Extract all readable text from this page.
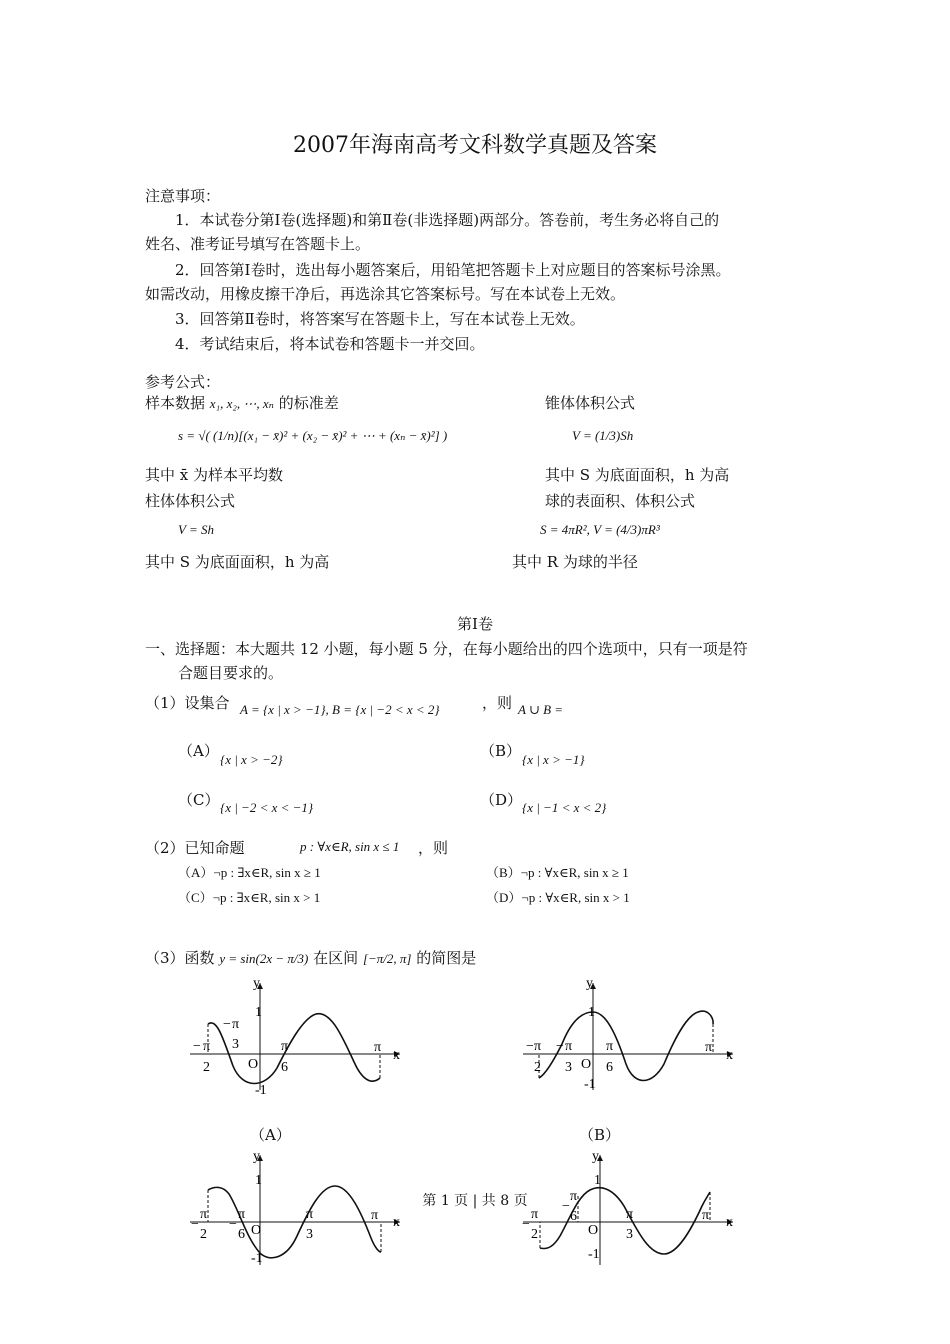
2007年海南高考文科数学真题及答案
注意事项：
1．本试卷分第Ⅰ卷(选择题)和第Ⅱ卷(非选择题)两部分。答卷前，考生务必将自己的
姓名、准考证号填写在答题卡上。
2．回答第Ⅰ卷时，选出每小题答案后，用铅笔把答题卡上对应题目的答案标号涂黑。
如需改动，用橡皮擦干净后，再选涂其它答案标号。写在本试卷上无效。
3．回答第Ⅱ卷时，将答案写在答题卡上，写在本试卷上无效。
4．考试结束后，将本试卷和答题卡一并交回。
参考公式：
样本数据 x₁, x₂, ⋯, xₙ 的标准差
s = √( (1/n)[(x₁ − x̄)² + (x₂ − x̄)² + ⋯ + (xₙ − x̄)²] )
其中 x̄ 为样本平均数
柱体体积公式
V = Sh
其中 S 为底面面积，h 为高
锥体体积公式
V = (1/3)Sh
其中 S 为底面面积，h 为高
球的表面积、体积公式
S = 4πR², V = (4/3)πR³
其中 R 为球的半径
第Ⅰ卷
一、选择题：本大题共 12 小题，每小题 5 分，在每小题给出的四个选项中，只有一项是符
合题目要求的。
（1）设集合 A = {x | x > −1}, B = {x | −2 < x < 2}	，则 A ∪ B =
（A） {x | x > −2}	（B） {x | x > −1}
（C） {x | −2 < x < −1}	（D） {x | −1 < x < 2}
（2）已知命题	p : ∀x∈R, sin x ≤ 1 ，则
（A）¬p : ∃x∈R, sin x ≥ 1	（B）¬p : ∀x∈R, sin x ≥ 1
（C）¬p : ∃x∈R, sin x > 1	（D）¬p : ∀x∈R, sin x > 1
（3）函数 y = sin(2x − π/3) 在区间 [−π/2, π] 的简图是
y
x
O
1
-1
− π
2
− π
3	π
6
π
（A）
y
x
O
1
-1
− π
2
− π
3
π
6
π
（B）
y
x
O
1
-1
−
π
2
−
π
6
π
3
π
y
x
O
1
-1
−
π
2
−
π
6	π
3
π
第 1 页 | 共 8 页
